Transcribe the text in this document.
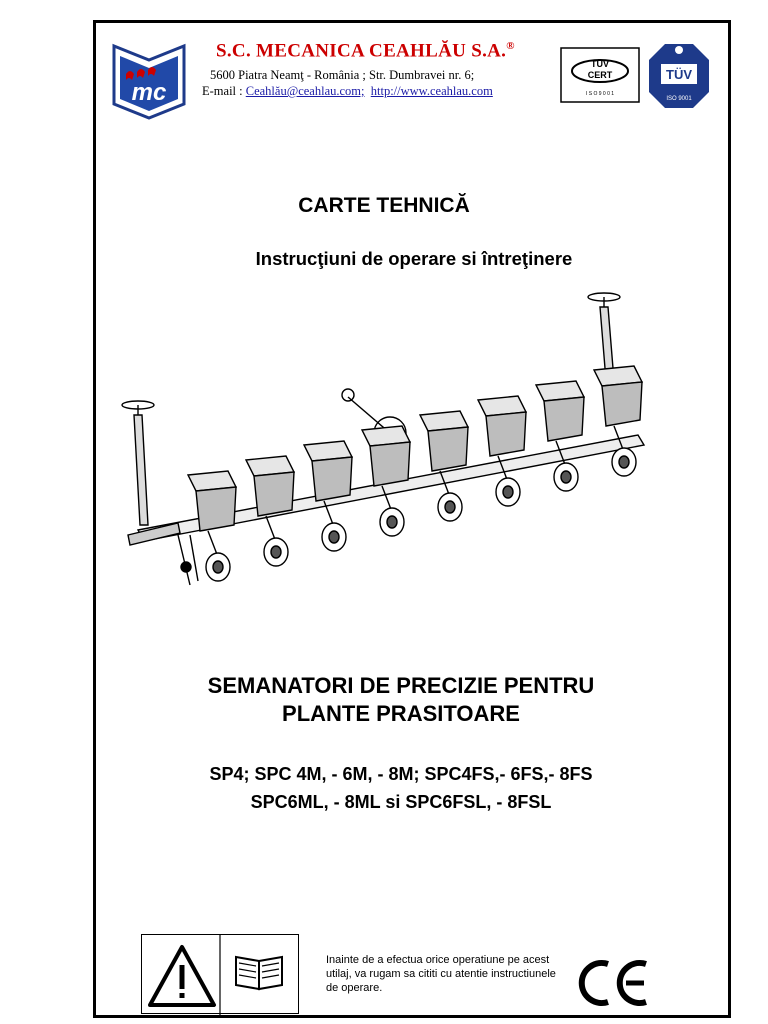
mc
S.C. MECANICA CEAHLĂU S.A.®
5600 Piatra Neamţ - România ; Str. Dumbravei nr. 6;
E-mail : Ceahlău@ceahlau.com; http://www.ceahlau.com
TÜV
CERT
I S O 9 0 0 1
TÜV
ISO 9001
CARTE TEHNICĂ
Instrucţiuni de operare si întreţinere
SEMANATORI DE PRECIZIE PENTRU
PLANTE PRASITOARE
SP4; SPC 4M, - 6M, - 8M; SPC4FS,- 6FS,- 8FS
SPC6ML, - 8ML si SPC6FSL, - 8FSL
Inainte de a efectua orice operatiune pe acest utilaj, va rugam sa cititi cu atentie instructiunele de operare.
